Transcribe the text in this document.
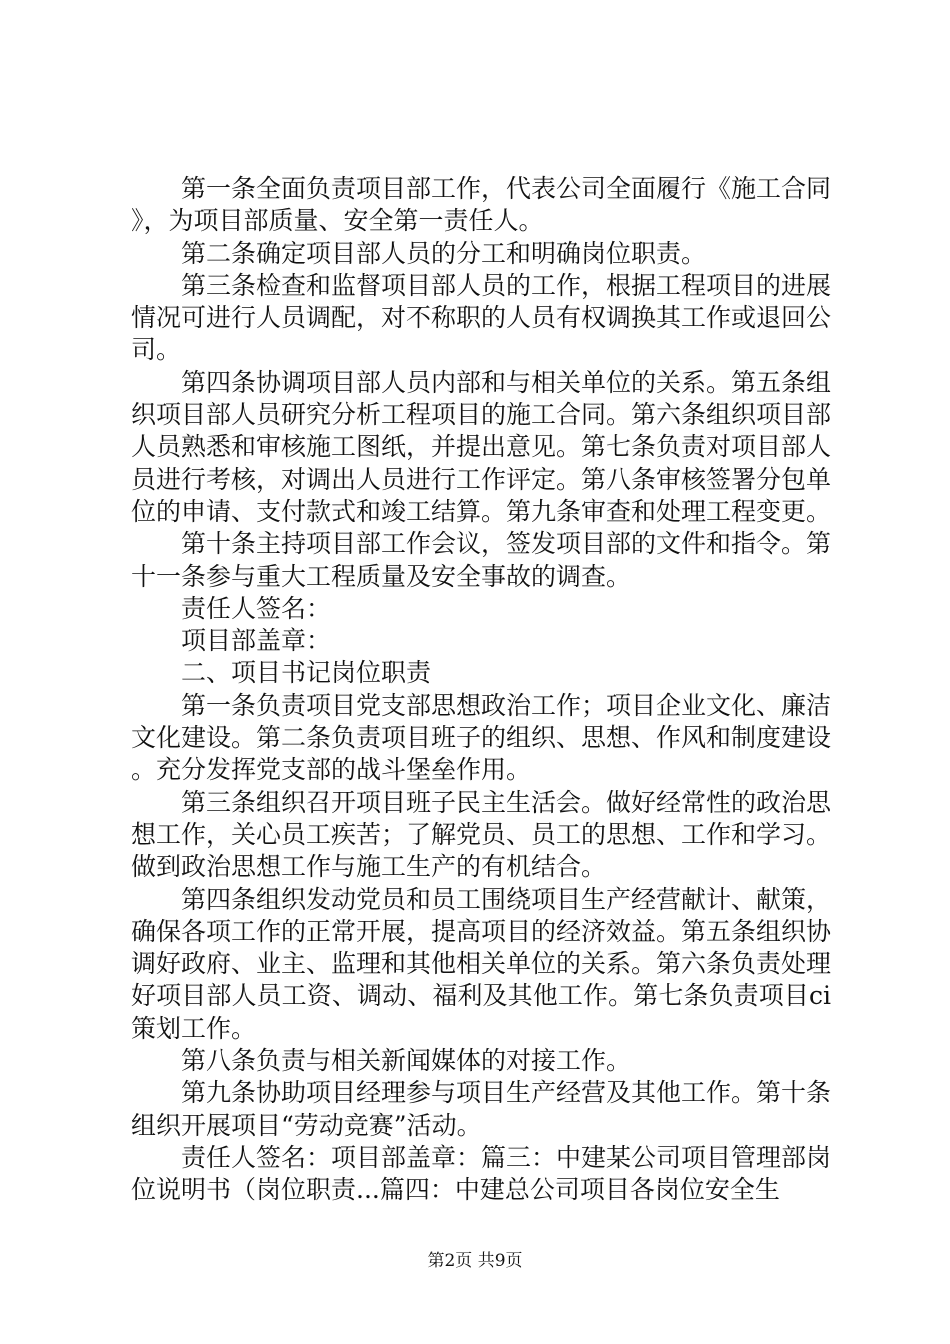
第一条全面负责项目部工作，代表公司全面履行《施工合同》，为项目部质量、安全第一责任人。

第二条确定项目部人员的分工和明确岗位职责。

第三条检查和监督项目部人员的工作，根据工程项目的进展情况可进行人员调配，对不称职的人员有权调换其工作或退回公司。

第四条协调项目部人员内部和与相关单位的关系。第五条组织项目部人员研究分析工程项目的施工合同。第六条组织项目部人员熟悉和审核施工图纸，并提出意见。第七条负责对项目部人员进行考核，对调出人员进行工作评定。第八条审核签署分包单位的申请、支付款式和竣工结算。第九条审查和处理工程变更。

第十条主持项目部工作会议，签发项目部的文件和指令。第十一条参与重大工程质量及安全事故的调查。

责任人签名：

项目部盖章：

二、项目书记岗位职责

第一条负责项目党支部思想政治工作；项目企业文化、廉洁文化建设。第二条负责项目班子的组织、思想、作风和制度建设。充分发挥党支部的战斗堡垒作用。

第三条组织召开项目班子民主生活会。做好经常性的政治思想工作，关心员工疾苦；了解党员、员工的思想、工作和学习。做到政治思想工作与施工生产的有机结合。

第四条组织发动党员和员工围绕项目生产经营献计、献策，确保各项工作的正常开展，提高项目的经济效益。第五条组织协调好政府、业主、监理和其他相关单位的关系。第六条负责处理好项目部人员工资、调动、福利及其他工作。第七条负责项目ci策划工作。

第八条负责与相关新闻媒体的对接工作。

第九条协助项目经理参与项目生产经营及其他工作。第十条组织开展项目“劳动竞赛”活动。

责任人签名：项目部盖章：篇三：中建某公司项目管理部岗位说明书（岗位职责...篇四：中建总公司项目各岗位安全生

第2页 共9页
